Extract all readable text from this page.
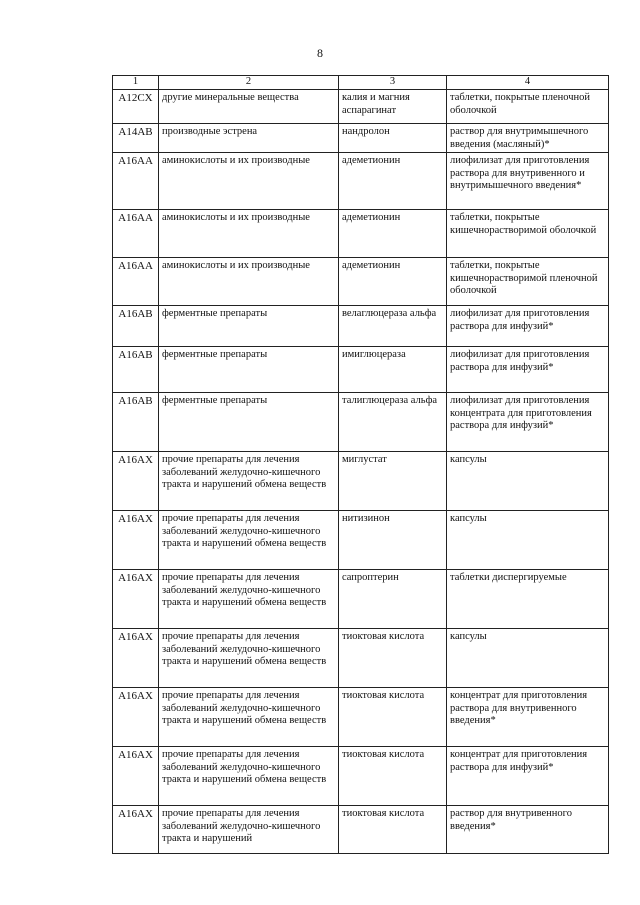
8
1	2	3	4

A12CX	другие минеральные вещества	калия и магния аспарагинат	таблетки, покрытые пленочной оболочкой

A14AB	производные эстрена	нандролон	раствор для внутримышечного введения (масляный)*

A16AA	аминокислоты и их производные	адеметионин	лиофилизат для приготовления раствора для внутривенного и внутримышечного введения*

A16AA	аминокислоты и их производные	адеметионин	таблетки, покрытые кишечнорастворимой оболочкой

A16AA	аминокислоты и их производные	адеметионин	таблетки, покрытые кишечнорастворимой пленочной оболочкой

A16AB	ферментные препараты	велаглюцераза альфа	лиофилизат для приготовления раствора для инфузий*

A16AB	ферментные препараты	имиглюцераза	лиофилизат для приготовления раствора для инфузий*

A16AB	ферментные препараты	талиглюцераза альфа	лиофилизат для приготовления концентрата для приготовления раствора для инфузий*

A16AX	прочие препараты для лечения заболеваний желудочно-кишечного тракта и нарушений обмена веществ	миглустат	капсулы

A16AX	прочие препараты для лечения заболеваний желудочно-кишечного тракта и нарушений обмена веществ	нитизинон	капсулы

A16AX	прочие препараты для лечения заболеваний желудочно-кишечного тракта и нарушений обмена веществ	сапроптерин	таблетки диспергируемые

A16AX	прочие препараты для лечения заболеваний желудочно-кишечного тракта и нарушений обмена веществ	тиоктовая кислота	капсулы

A16AX	прочие препараты для лечения заболеваний желудочно-кишечного тракта и нарушений обмена веществ	тиоктовая кислота	концентрат для приготовления раствора для внутривенного введения*

A16AX	прочие препараты для лечения заболеваний желудочно-кишечного тракта и нарушений обмена веществ	тиоктовая кислота	концентрат для приготовления раствора для инфузий*

A16AX	прочие препараты для лечения заболеваний желудочно-кишечного тракта и нарушений	тиоктовая кислота	раствор для внутривенного введения*
